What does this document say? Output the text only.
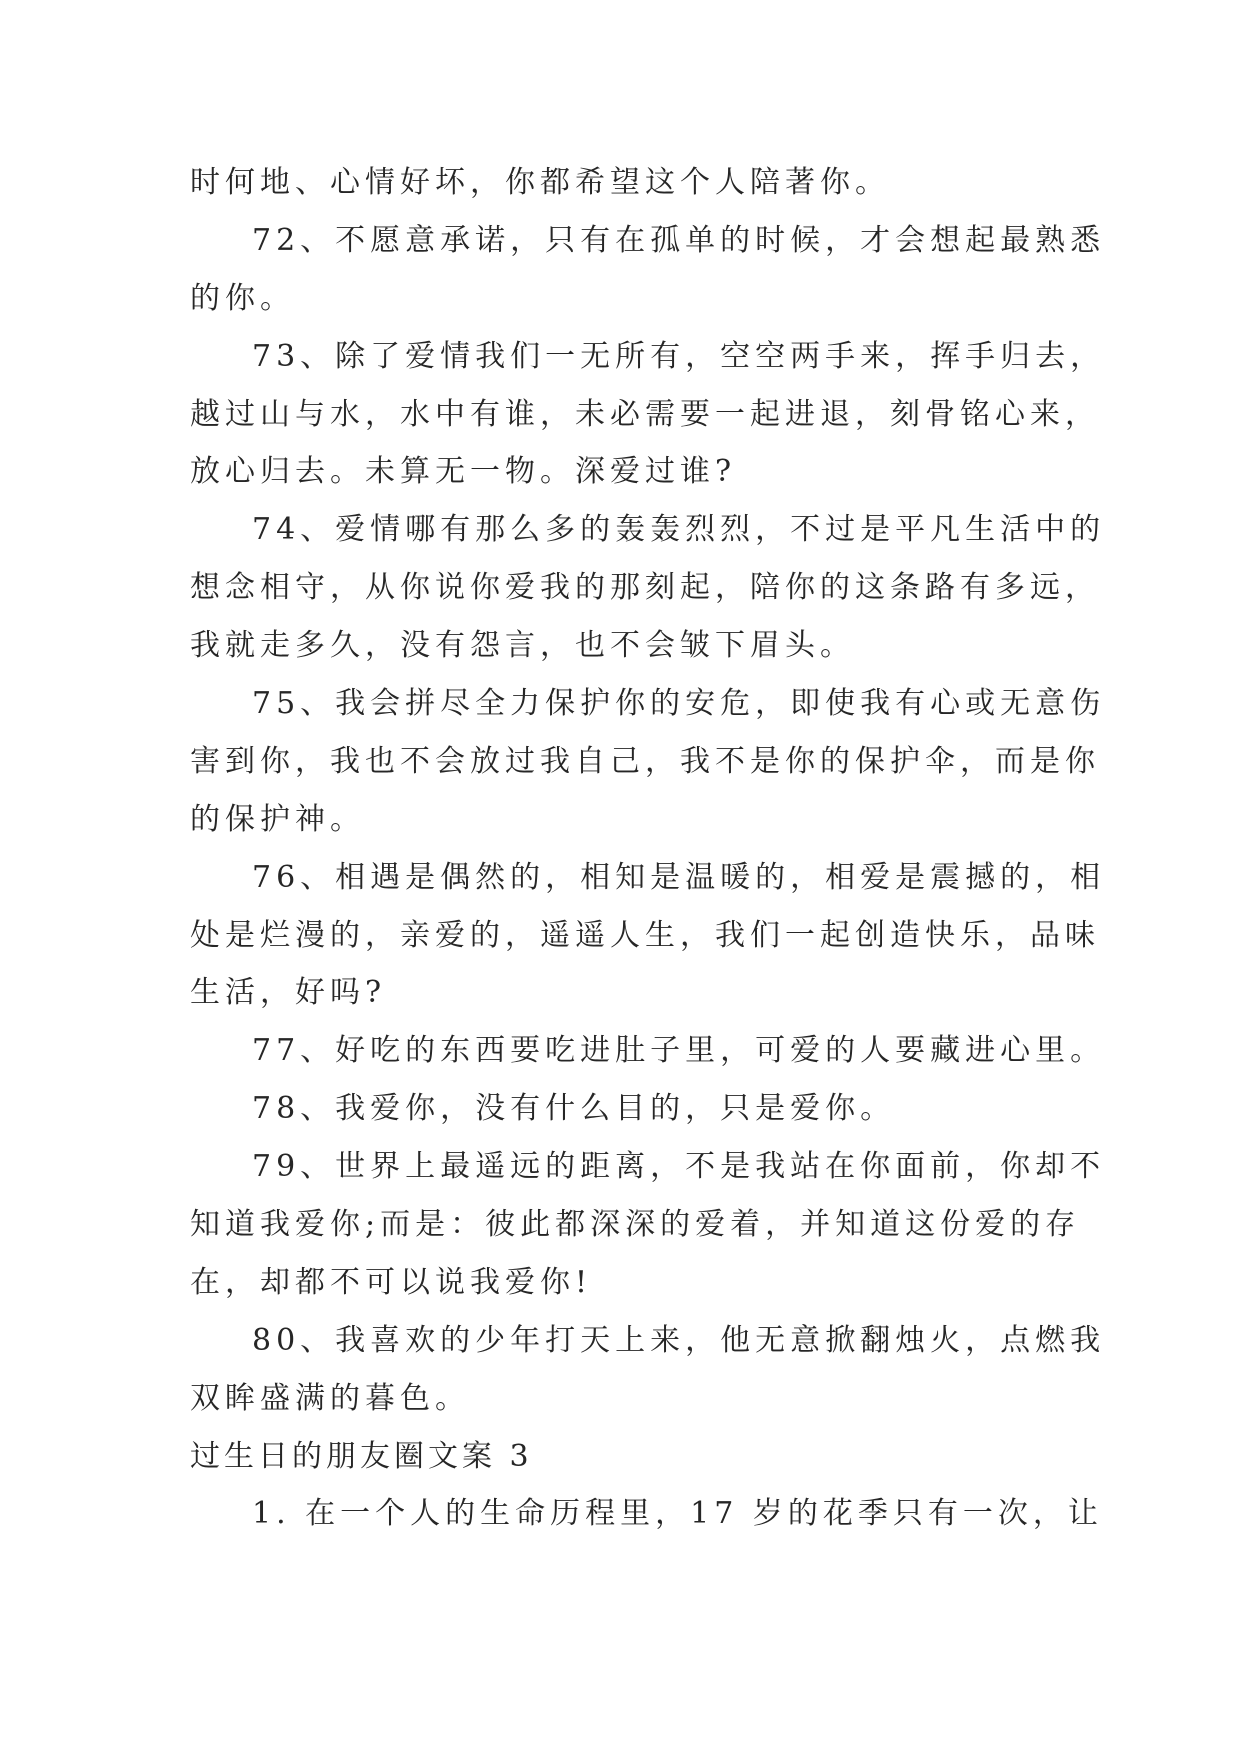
时何地、心情好坏，你都希望这个人陪著你。
72、不愿意承诺，只有在孤单的时候，才会想起最熟悉
的你。
73、除了爱情我们一无所有，空空两手来，挥手归去，
越过山与水，水中有谁，未必需要一起进退，刻骨铭心来，
放心归去。未算无一物。深爱过谁?
74、爱情哪有那么多的轰轰烈烈，不过是平凡生活中的
想念相守，从你说你爱我的那刻起，陪你的这条路有多远，
我就走多久，没有怨言，也不会皱下眉头。
75、我会拼尽全力保护你的安危，即使我有心或无意伤
害到你，我也不会放过我自己，我不是你的保护伞，而是你
的保护神。
76、相遇是偶然的，相知是温暖的，相爱是震撼的，相
处是烂漫的，亲爱的，遥遥人生，我们一起创造快乐，品味
生活，好吗?
77、好吃的东西要吃进肚子里，可爱的人要藏进心里。
78、我爱你，没有什么目的，只是爱你。
79、世界上最遥远的距离，不是我站在你面前，你却不
知道我爱你;而是：彼此都深深的爱着，并知道这份爱的存
在，却都不可以说我爱你!
80、我喜欢的少年打天上来，他无意掀翻烛火，点燃我
双眸盛满的暮色。
过生日的朋友圈文案 3
1. 在一个人的生命历程里，17 岁的花季只有一次，让
